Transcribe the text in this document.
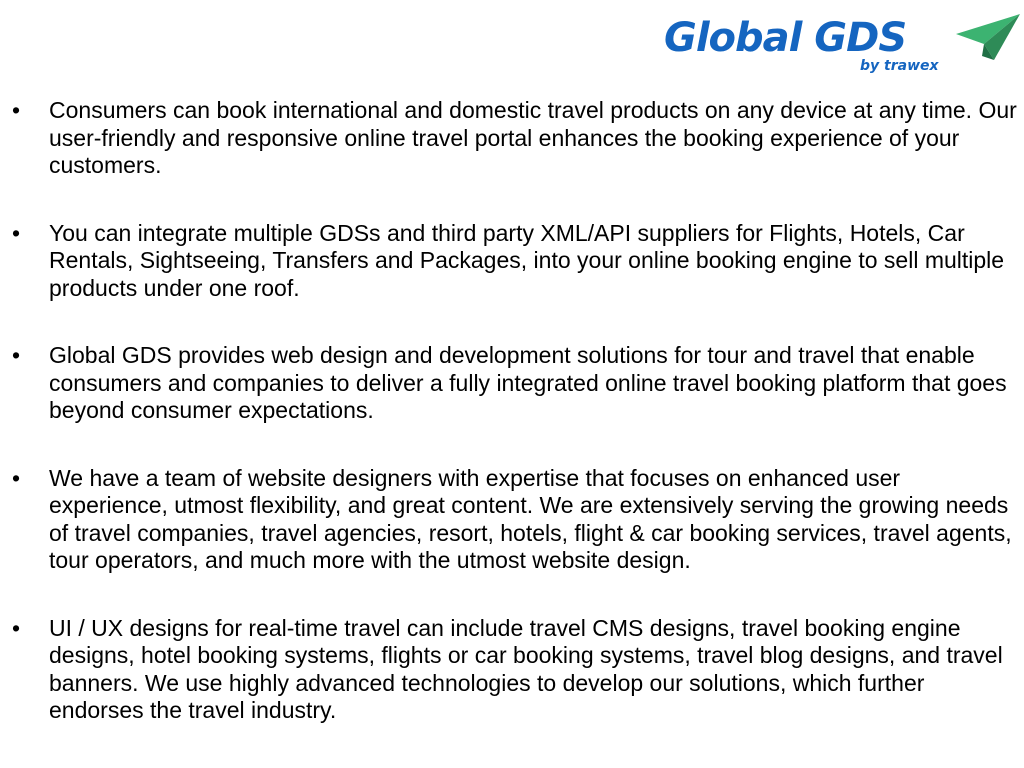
Global GDS
by trawex
•	Consumers can book international and domestic travel products on any device at any time. Our user-friendly and responsive online travel portal enhances the booking experience of your customers.
•	You can integrate multiple GDSs and third party XML/API suppliers for Flights, Hotels, Car Rentals, Sightseeing, Transfers and Packages, into your online booking engine to sell multiple products under one roof.
•	Global GDS provides web design and development solutions for tour and travel that enable consumers and companies to deliver a fully integrated online travel booking platform that goes beyond consumer expectations.
•	We have a team of website designers with expertise that focuses on enhanced user experience, utmost flexibility, and great content. We are extensively serving the growing needs of travel companies, travel agencies, resort, hotels, flight & car booking services, travel agents, tour operators, and much more with the utmost website design.
•	UI / UX designs for real-time travel can include travel CMS designs, travel booking engine designs, hotel booking systems, flights or car booking systems, travel blog designs, and travel banners. We use highly advanced technologies to develop our solutions, which further endorses the travel industry.
